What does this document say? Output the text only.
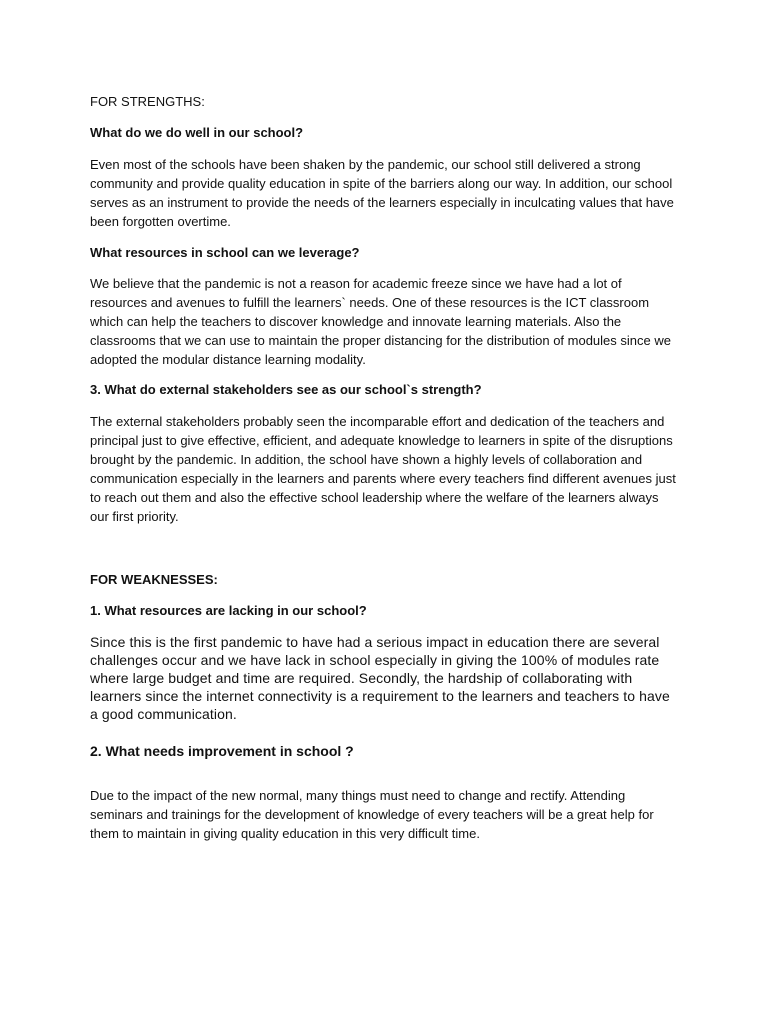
FOR STRENGTHS:

What do we do well in our school?

Even most of the schools have been shaken by the pandemic, our school still delivered a strong community and provide quality education in spite of the barriers along our way. In addition, our school serves as an instrument to provide the needs of the learners especially in inculcating values that have been forgotten overtime.

What resources in school can we leverage?

We believe that the pandemic is not a reason for academic freeze since we have had a lot of resources and avenues to fulfill the learners` needs. One of these resources is the ICT classroom which can help the teachers to discover knowledge and innovate learning materials. Also the classrooms that we can use to maintain the proper distancing for the distribution of modules since we adopted the modular distance learning modality.

3. What do external stakeholders see as our school`s strength?

The external stakeholders probably seen the incomparable effort and dedication of the teachers and principal just to give effective, efficient, and adequate knowledge to learners in spite of the disruptions brought by the pandemic. In addition, the school have shown a highly levels of collaboration and communication especially in the learners and parents where every teachers find different avenues just to reach out them and also the effective school leadership where the welfare of the learners always our first priority.

FOR WEAKNESSES:

1. What resources are lacking in our school?

Since this is the first pandemic to have had a serious impact in education there are several challenges occur and we have lack in school especially in giving the 100% of modules rate where large budget and time are required. Secondly, the hardship of collaborating with learners since the internet connectivity is a requirement to the learners and teachers to have a good communication.

2. What needs improvement in school ?

Due to the impact of the new normal, many things must need to change and rectify. Attending seminars and trainings for the development of knowledge of every teachers will be a great help for them to maintain in giving quality education in this very difficult time.
